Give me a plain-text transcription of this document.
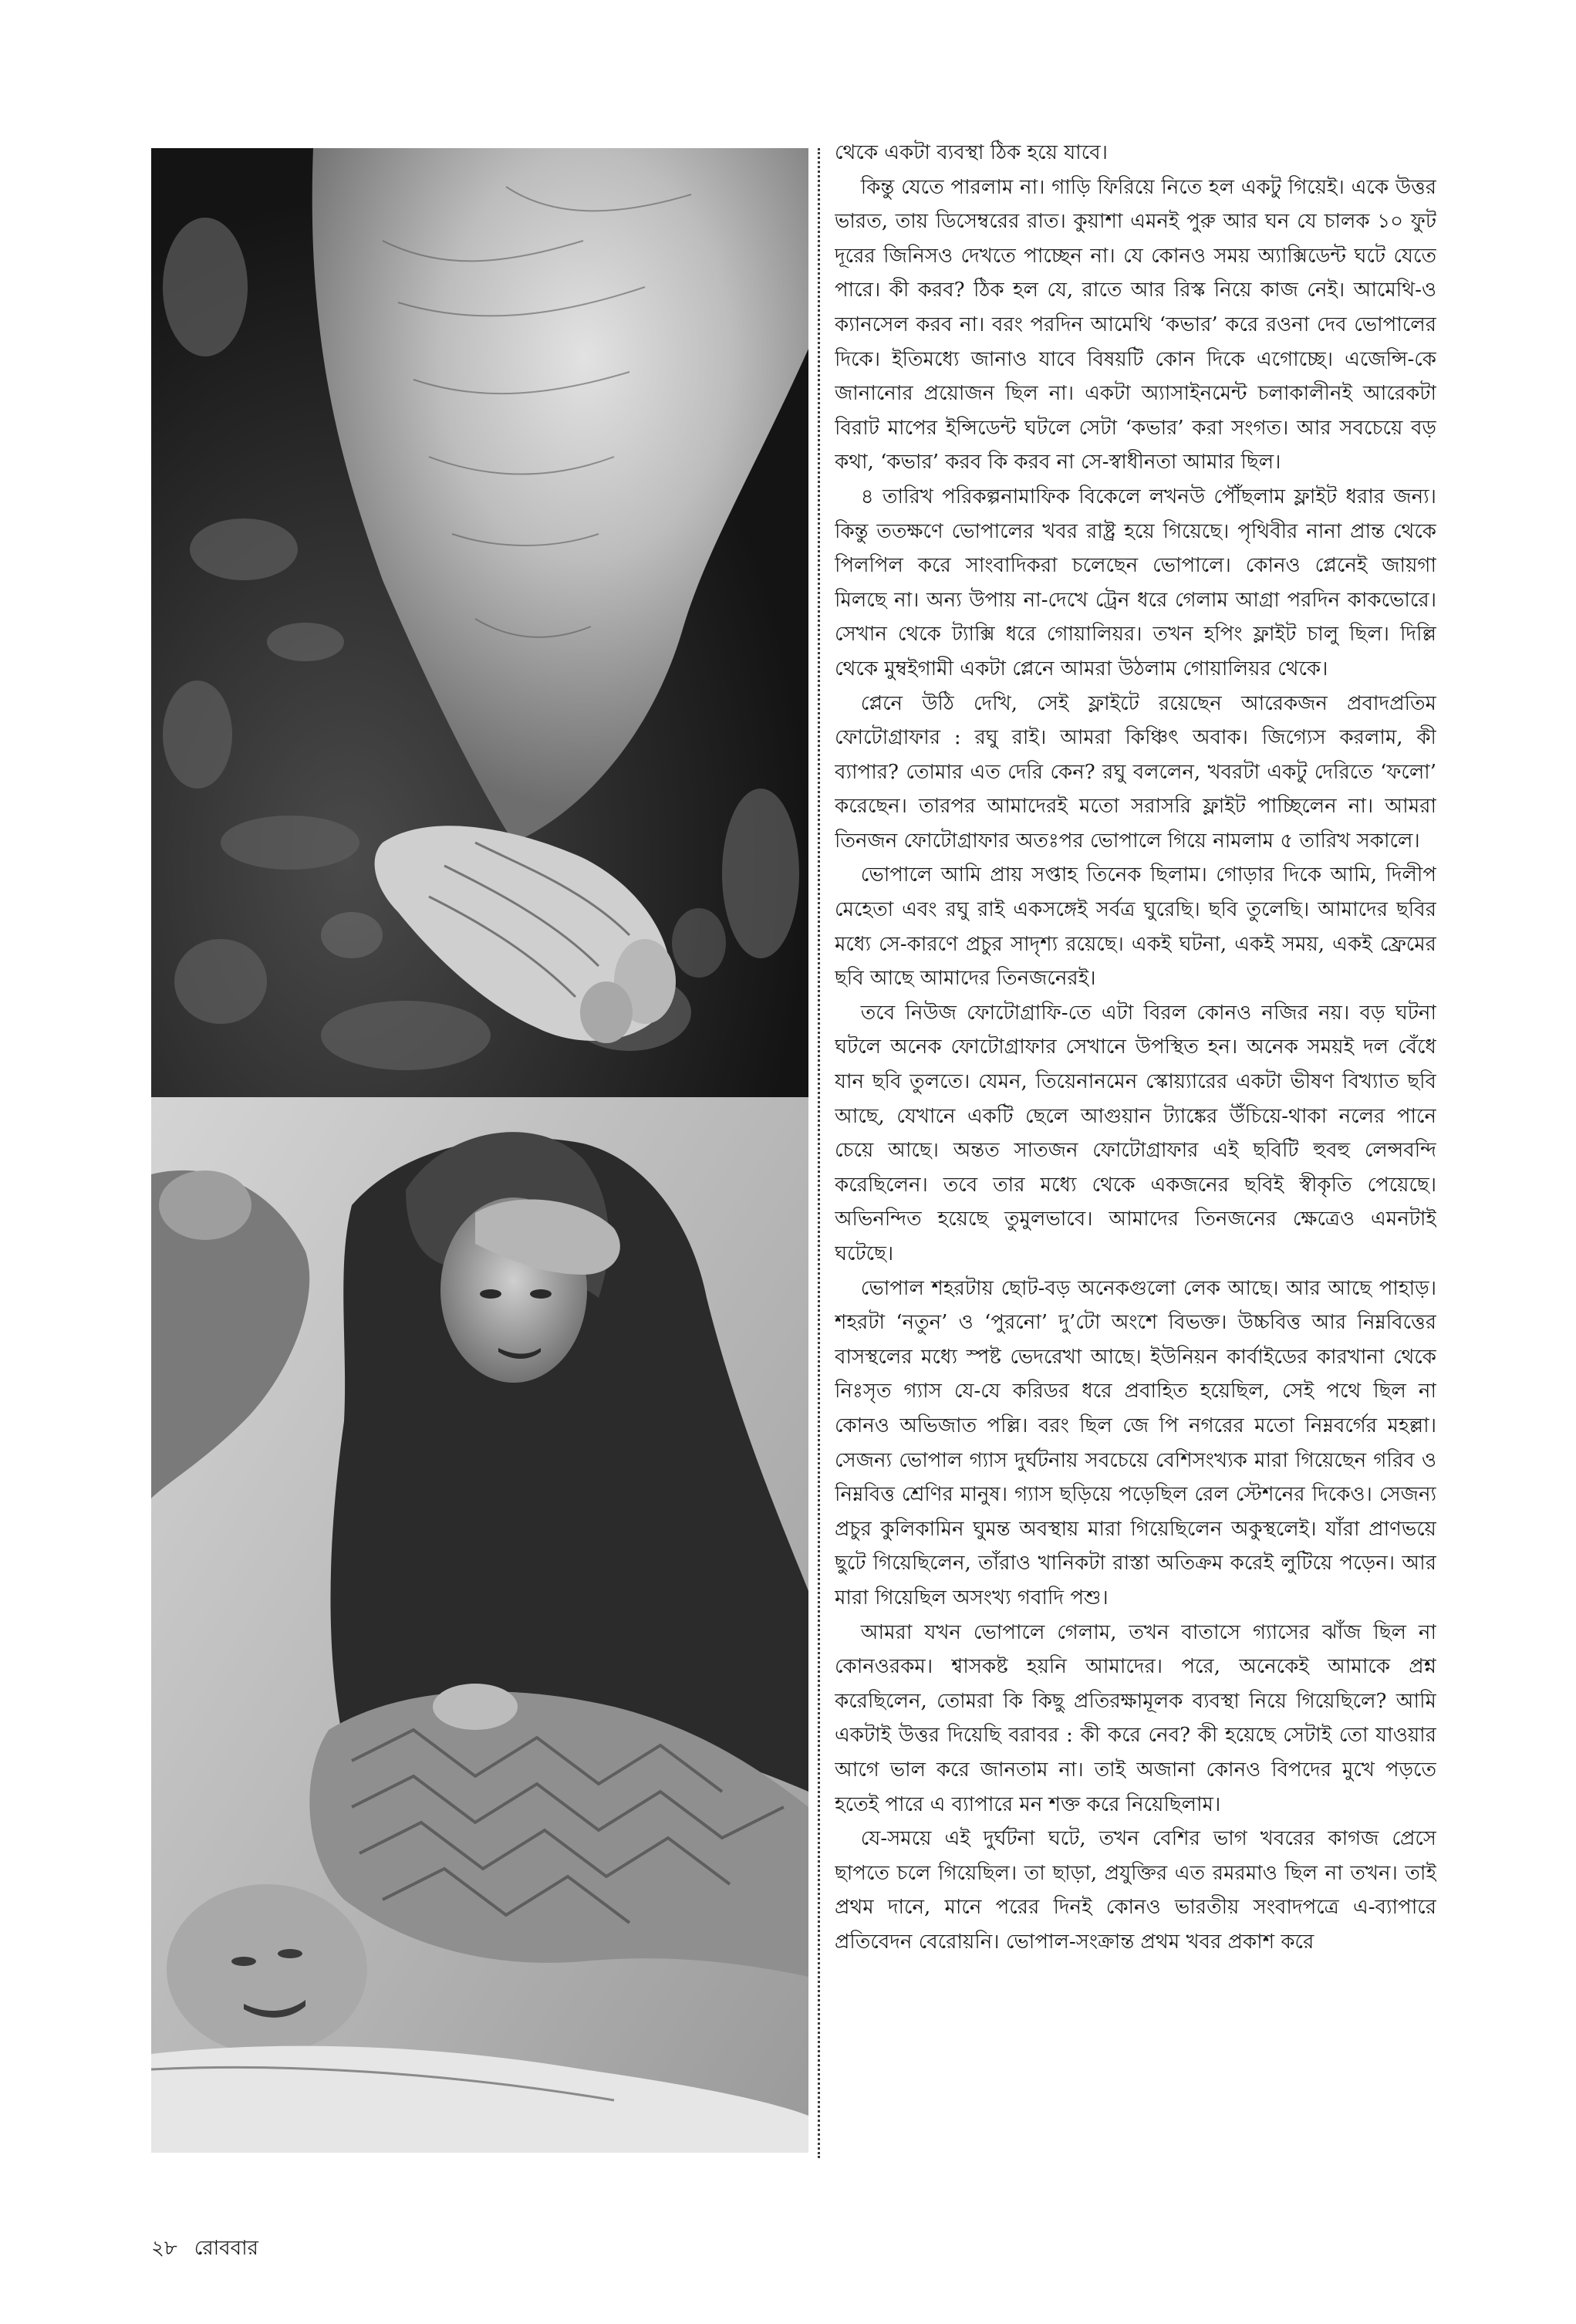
থেকে একটা ব্যবস্থা ঠিক হয়ে যাবে।

কিন্তু যেতে পারলাম না। গাড়ি ফিরিয়ে নিতে হল একটু গিয়েই। একে উত্তর ভারত, তায় ডিসেম্বরের রাত। কুয়াশা এমনই পুরু আর ঘন যে চালক ১০ ফুট দূরের জিনিসও দেখতে পাচ্ছেন না। যে কোনও সময় অ্যাক্সিডেন্ট ঘটে যেতে পারে। কী করব? ঠিক হল যে, রাতে আর রিস্ক নিয়ে কাজ নেই। আমেথি-ও ক্যানসেল করব না। বরং পরদিন আমেথি ‘কভার’ করে রওনা দেব ভোপালের দিকে। ইতিমধ্যে জানাও যাবে বিষয়টি কোন দিকে এগোচ্ছে। এজেন্সি-কে জানানোর প্রয়োজন ছিল না। একটা অ্যাসাইনমেন্ট চলাকালীনই আরেকটা বিরাট মাপের ইন্সিডেন্ট ঘটলে সেটা ‘কভার’ করা সংগত। আর সবচেয়ে বড় কথা, ‘কভার’ করব কি করব না সে-স্বাধীনতা আমার ছিল।

৪ তারিখ পরিকল্পনামাফিক বিকেলে লখনউ পৌঁছলাম ফ্লাইট ধরার জন্য। কিন্তু ততক্ষণে ভোপালের খবর রাষ্ট্র হয়ে গিয়েছে। পৃথিবীর নানা প্রান্ত থেকে পিলপিল করে সাংবাদিকরা চলেছেন ভোপালে। কোনও প্লেনেই জায়গা মিলছে না। অন্য উপায় না-দেখে ট্রেন ধরে গেলাম আগ্রা পরদিন কাকভোরে। সেখান থেকে ট্যাক্সি ধরে গোয়ালিয়র। তখন হপিং ফ্লাইট চালু ছিল। দিল্লি থেকে মুম্বইগামী একটা প্লেনে আমরা উঠলাম গোয়ালিয়র থেকে।

প্লেনে উঠি দেখি, সেই ফ্লাইটে রয়েছেন আরেকজন প্রবাদপ্রতিম ফোটোগ্রাফার : রঘু রাই। আমরা কিঞ্চিৎ অবাক। জিগ্যেস করলাম, কী ব্যাপার? তোমার এত দেরি কেন? রঘু বললেন, খবরটা একটু দেরিতে ‘ফলো’ করেছেন। তারপর আমাদেরই মতো সরাসরি ফ্লাইট পাচ্ছিলেন না। আমরা তিনজন ফোটোগ্রাফার অতঃপর ভোপালে গিয়ে নামলাম ৫ তারিখ সকালে।

ভোপালে আমি প্রায় সপ্তাহ তিনেক ছিলাম। গোড়ার দিকে আমি, দিলীপ মেহেতা এবং রঘু রাই একসঙ্গেই সর্বত্র ঘুরেছি। ছবি তুলেছি। আমাদের ছবির মধ্যে সে-কারণে প্রচুর সাদৃশ্য রয়েছে। একই ঘটনা, একই সময়, একই ফ্রেমের ছবি আছে আমাদের তিনজনেরই।

তবে নিউজ ফোটোগ্রাফি-তে এটা বিরল কোনও নজির নয়। বড় ঘটনা ঘটলে অনেক ফোটোগ্রাফার সেখানে উপস্থিত হন। অনেক সময়ই দল বেঁধে যান ছবি তুলতে। যেমন, তিয়েনানমেন স্কোয়্যারের একটা ভীষণ বিখ্যাত ছবি আছে, যেখানে একটি ছেলে আগুয়ান ট্যাঙ্কের উঁচিয়ে-থাকা নলের পানে চেয়ে আছে। অন্তত সাতজন ফোটোগ্রাফার এই ছবিটি হুবহু লেন্সবন্দি করেছিলেন। তবে তার মধ্যে থেকে একজনের ছবিই স্বীকৃতি পেয়েছে। অভিনন্দিত হয়েছে তুমুলভাবে। আমাদের তিনজনের ক্ষেত্রেও এমনটাই ঘটেছে।

ভোপাল শহরটায় ছোট-বড় অনেকগুলো লেক আছে। আর আছে পাহাড়। শহরটা ‘নতুন’ ও ‘পুরনো’ দু’টো অংশে বিভক্ত। উচ্চবিত্ত আর নিম্নবিত্তের বাসস্থলের মধ্যে স্পষ্ট ভেদরেখা আছে। ইউনিয়ন কার্বাইডের কারখানা থেকে নিঃসৃত গ্যাস যে-যে করিডর ধরে প্রবাহিত হয়েছিল, সেই পথে ছিল না কোনও অভিজাত পল্লি। বরং ছিল জে পি নগরের মতো নিম্নবর্গের মহল্লা। সেজন্য ভোপাল গ্যাস দুর্ঘটনায় সবচেয়ে বেশিসংখ্যক মারা গিয়েছেন গরিব ও নিম্নবিত্ত শ্রেণির মানুষ। গ্যাস ছড়িয়ে পড়েছিল রেল স্টেশনের দিকেও। সেজন্য প্রচুর কুলিকামিন ঘুমন্ত অবস্থায় মারা গিয়েছিলেন অকুস্থলেই। যাঁরা প্রাণভয়ে ছুটে গিয়েছিলেন, তাঁরাও খানিকটা রাস্তা অতিক্রম করেই লুটিয়ে পড়েন। আর মারা গিয়েছিল অসংখ্য গবাদি পশু।

আমরা যখন ভোপালে গেলাম, তখন বাতাসে গ্যাসের ঝাঁজ ছিল না কোনওরকম। শ্বাসকষ্ট হয়নি আমাদের। পরে, অনেকেই আমাকে প্রশ্ন করেছিলেন, তোমরা কি কিছু প্রতিরক্ষামূলক ব্যবস্থা নিয়ে গিয়েছিলে? আমি একটাই উত্তর দিয়েছি বরাবর : কী করে নেব? কী হয়েছে সেটাই তো যাওয়ার আগে ভাল করে জানতাম না। তাই অজানা কোনও বিপদের মুখে পড়তে হতেই পারে এ ব্যাপারে মন শক্ত করে নিয়েছিলাম।

যে-সময়ে এই দুর্ঘটনা ঘটে, তখন বেশির ভাগ খবরের কাগজ প্রেসে ছাপতে চলে গিয়েছিল। তা ছাড়া, প্রযুক্তির এত রমরমাও ছিল না তখন। তাই প্রথম দানে, মানে পরের দিনই কোনও ভারতীয় সংবাদপত্রে এ-ব্যাপারে প্রতিবেদন বেরোয়নি। ভোপাল-সংক্রান্ত প্রথম খবর প্রকাশ করে

২৮ রোববার
